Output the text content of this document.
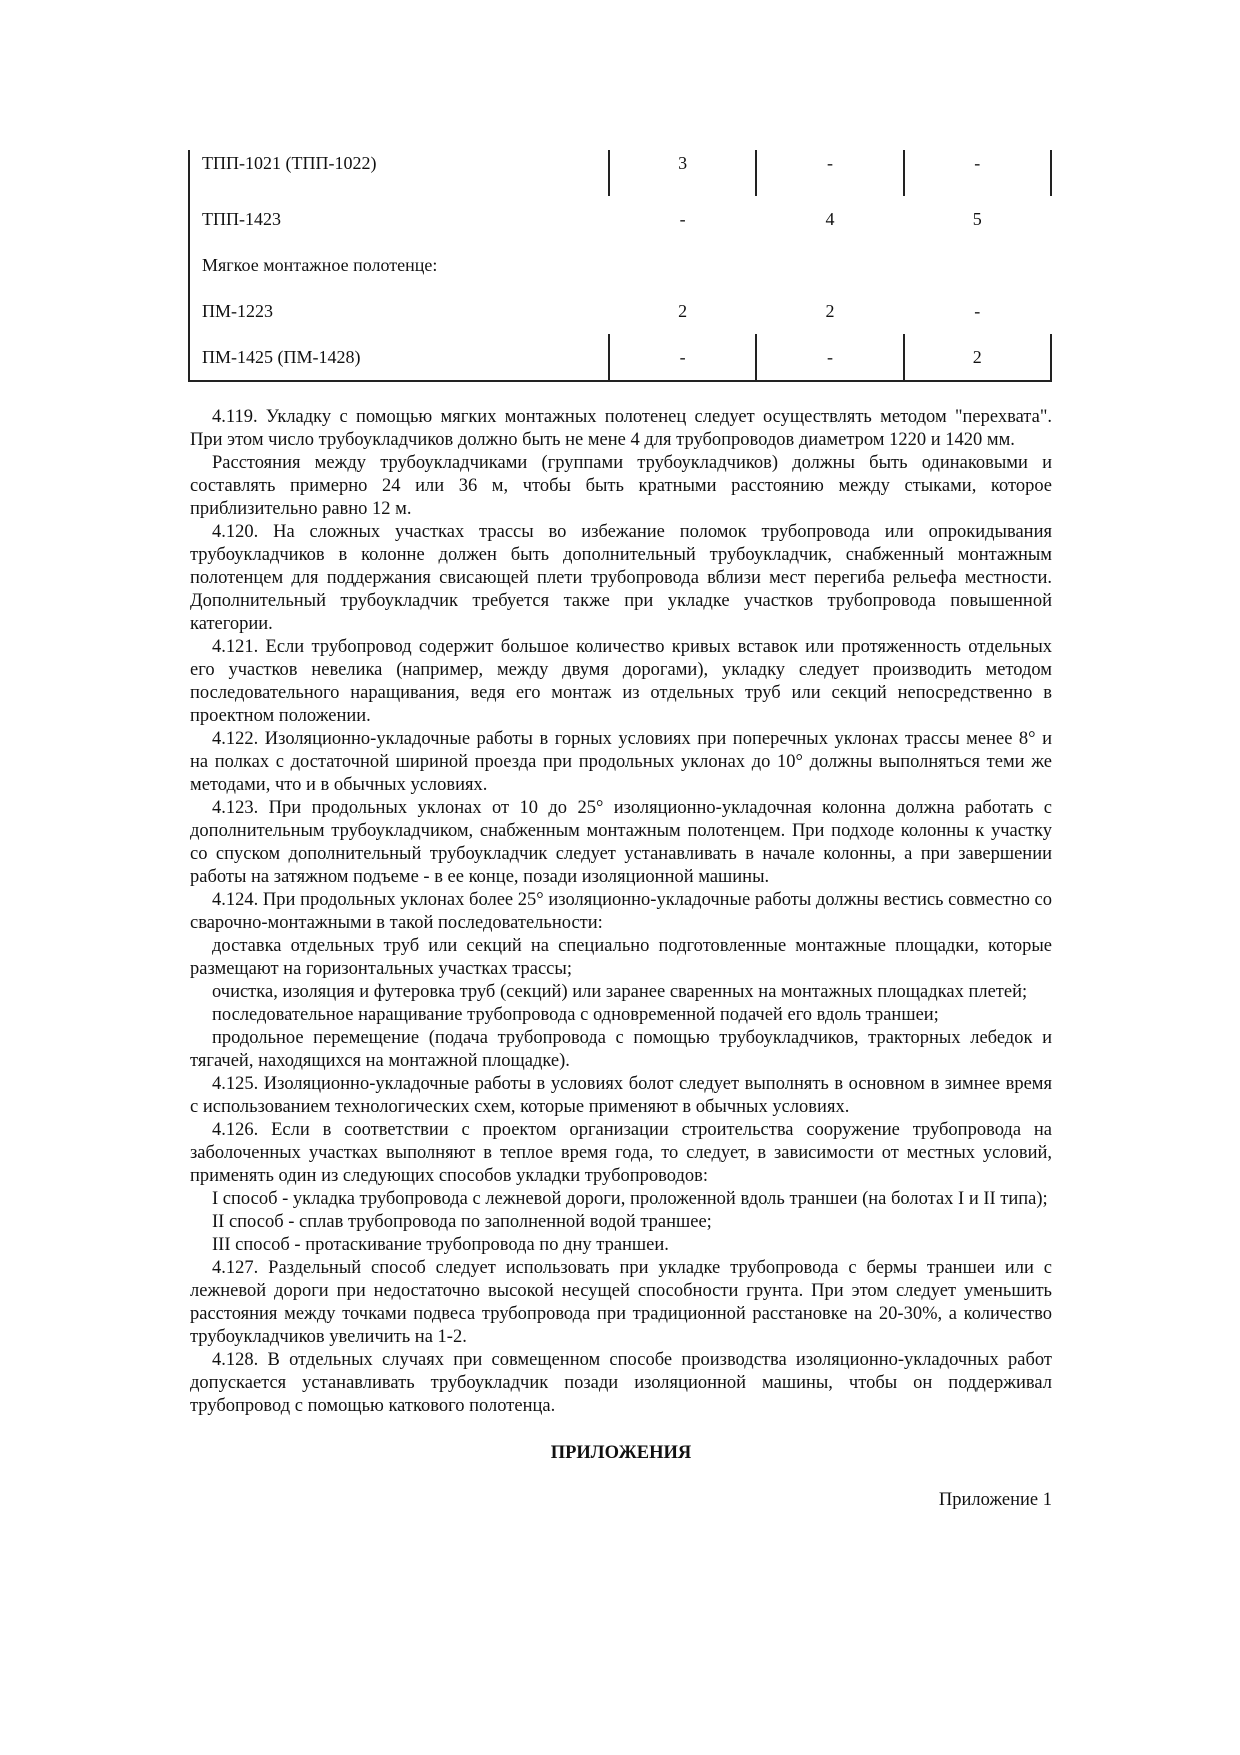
ТПП-1021 (ТПП-1022)	3	-	-
ТПП-1423	-	4	5
Мягкое монтажное полотенце:			
ПМ-1223	2	2	-
ПМ-1425 (ПМ-1428)	-	-	2

4.119. Укладку с помощью мягких монтажных полотенец следует осуществлять методом "перехвата". При этом число трубоукладчиков должно быть не мене 4 для трубопроводов диаметром 1220 и 1420 мм.

Расстояния между трубоукладчиками (группами трубоукладчиков) должны быть одинаковыми и составлять примерно 24 или 36 м, чтобы быть кратными расстоянию между стыками, которое приблизительно равно 12 м.

4.120. На сложных участках трассы во избежание поломок трубопровода или опрокидывания трубоукладчиков в колонне должен быть дополнительный трубоукладчик, снабженный монтажным полотенцем для поддержания свисающей плети трубопровода вблизи мест перегиба рельефа местности. Дополнительный трубоукладчик требуется также при укладке участков трубопровода повышенной категории.

4.121. Если трубопровод содержит большое количество кривых вставок или протяженность отдельных его участков невелика (например, между двумя дорогами), укладку следует производить методом последовательного наращивания, ведя его монтаж из отдельных труб или секций непосредственно в проектном положении.

4.122. Изоляционно-укладочные работы в горных условиях при поперечных уклонах трассы менее 8° и на полках с достаточной шириной проезда при продольных уклонах до 10° должны выполняться теми же методами, что и в обычных условиях.

4.123. При продольных уклонах от 10 до 25° изоляционно-укладочная колонна должна работать с дополнительным трубоукладчиком, снабженным монтажным полотенцем. При подходе колонны к участку со спуском дополнительный трубоукладчик следует устанавливать в начале колонны, а при завершении работы на затяжном подъеме - в ее конце, позади изоляционной машины.

4.124. При продольных уклонах более 25° изоляционно-укладочные работы должны вестись совместно со сварочно-монтажными в такой последовательности:

доставка отдельных труб или секций на специально подготовленные монтажные площадки, которые размещают на горизонтальных участках трассы;

очистка, изоляция и футеровка труб (секций) или заранее сваренных на монтажных площадках плетей;

последовательное наращивание трубопровода с одновременной подачей его вдоль траншеи;

продольное перемещение (подача трубопровода с помощью трубоукладчиков, тракторных лебедок и тягачей, находящихся на монтажной площадке).

4.125. Изоляционно-укладочные работы в условиях болот следует выполнять в основном в зимнее время с использованием технологических схем, которые применяют в обычных условиях.

4.126. Если в соответствии с проектом организации строительства сооружение трубопровода на заболоченных участках выполняют в теплое время года, то следует, в зависимости от местных условий, применять один из следующих способов укладки трубопроводов:

I способ - укладка трубопровода с лежневой дороги, проложенной вдоль траншеи (на болотах I и II типа);

II способ - сплав трубопровода по заполненной водой траншее;

III способ - протаскивание трубопровода по дну траншеи.

4.127. Раздельный способ следует использовать при укладке трубопровода с бермы траншеи или с лежневой дороги при недостаточно высокой несущей способности грунта. При этом следует уменьшить расстояния между точками подвеса трубопровода при традиционной расстановке на 20-30%, а количество трубоукладчиков увеличить на 1-2.

4.128. В отдельных случаях при совмещенном способе производства изоляционно-укладочных работ допускается устанавливать трубоукладчик позади изоляционной машины, чтобы он поддерживал трубопровод с помощью каткового полотенца.

ПРИЛОЖЕНИЯ

Приложение 1
